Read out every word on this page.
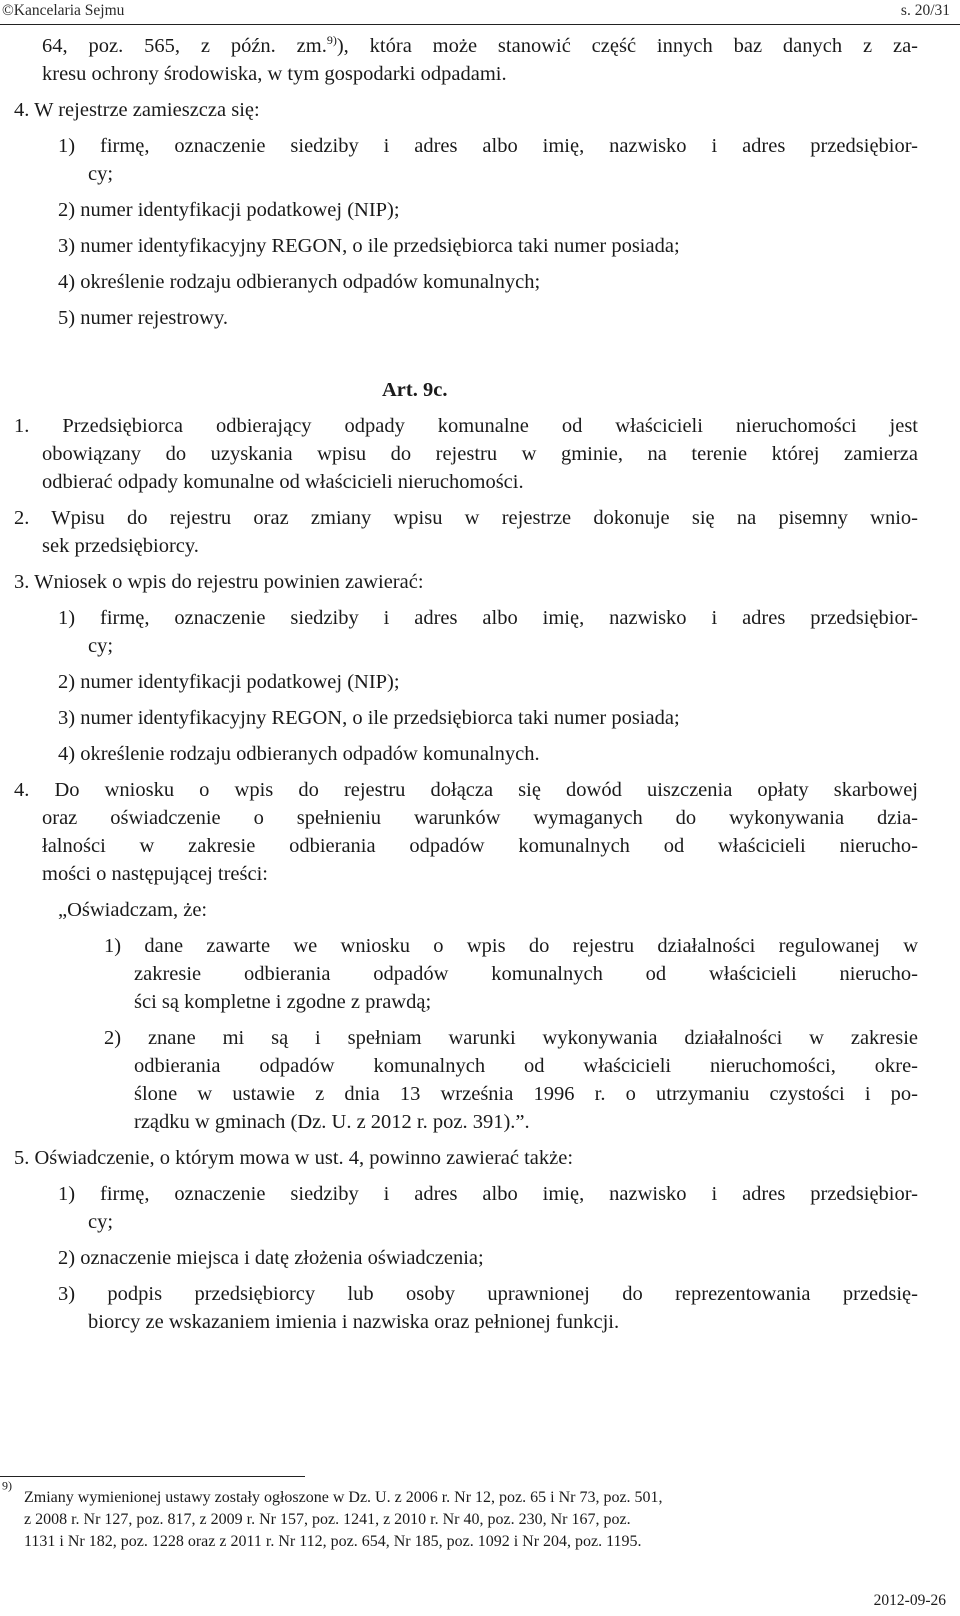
©Kancelaria Sejmu	s. 20/31
64, poz. 565, z późn. zm.$^{9)}$), która może stanowić część innych baz danych z za-
kresu ochrony środowiska, w tym gospodarki odpadami.
4. W rejestrze zamieszcza się:
1) firmę, oznaczenie siedziby i adres albo imię, nazwisko i adres przedsiębior-
cy;
2) numer identyfikacji podatkowej (NIP);
3) numer identyfikacyjny REGON, o ile przedsiębiorca taki numer posiada;
4) określenie rodzaju odbieranych odpadów komunalnych;
5) numer rejestrowy.
Art. 9c.
1. Przedsiębiorca odbierający odpady komunalne od właścicieli nieruchomości jest
obowiązany do uzyskania wpisu do rejestru w gminie, na terenie której zamierza
odbierać odpady komunalne od właścicieli nieruchomości.
2. Wpisu do rejestru oraz zmiany wpisu w rejestrze dokonuje się na pisemny wnio-
sek przedsiębiorcy.
3. Wniosek o wpis do rejestru powinien zawierać:
1) firmę, oznaczenie siedziby i adres albo imię, nazwisko i adres przedsiębior-
cy;
2) numer identyfikacji podatkowej (NIP);
3) numer identyfikacyjny REGON, o ile przedsiębiorca taki numer posiada;
4) określenie rodzaju odbieranych odpadów komunalnych.
4. Do wniosku o wpis do rejestru dołącza się dowód uiszczenia opłaty skarbowej
oraz oświadczenie o spełnieniu warunków wymaganych do wykonywania dzia-
łalności w zakresie odbierania odpadów komunalnych od właścicieli nierucho-
mości o następującej treści:
„Oświadczam, że:
1) dane zawarte we wniosku o wpis do rejestru działalności regulowanej w
zakresie odbierania odpadów komunalnych od właścicieli nierucho-
ści są kompletne i zgodne z prawdą;
2) znane mi są i spełniam warunki wykonywania działalności w zakresie
odbierania odpadów komunalnych od właścicieli nieruchomości, okre-
ślone w ustawie z dnia 13 września 1996 r. o utrzymaniu czystości i po-
rządku w gminach (Dz. U. z 2012 r. poz. 391).”.
5. Oświadczenie, o którym mowa w ust. 4, powinno zawierać także:
1) firmę, oznaczenie siedziby i adres albo imię, nazwisko i adres przedsiębior-
cy;
2) oznaczenie miejsca i datę złożenia oświadczenia;
3) podpis przedsiębiorcy lub osoby uprawnionej do reprezentowania przedsię-
biorcy ze wskazaniem imienia i nazwiska oraz pełnionej funkcji.
$^{9)}$
Zmiany wymienionej ustawy zostały ogłoszone w Dz. U. z 2006 r. Nr 12, poz. 65 i Nr 73, poz. 501,
z 2008 r. Nr 127, poz. 817, z 2009 r. Nr 157, poz. 1241, z 2010 r. Nr 40, poz. 230, Nr 167, poz.
1131 i Nr 182, poz. 1228 oraz z 2011 r. Nr 112, poz. 654, Nr 185, poz. 1092 i Nr 204, poz. 1195.
2012-09-26
